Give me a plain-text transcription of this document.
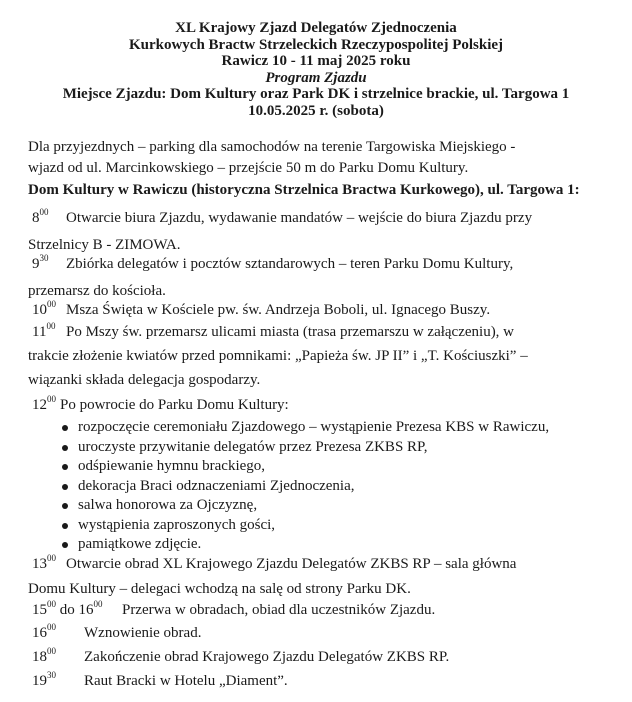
XL Krajowy Zjazd Delegatów Zjednoczenia
Kurkowych Bractw Strzeleckich Rzeczypospolitej Polskiej
Rawicz 10 - 11 maj 2025 roku
Program Zjazdu
Miejsce Zjazdu: Dom Kultury oraz Park DK i strzelnice brackie, ul. Targowa 1
10.05.2025 r. (sobota)
Dla przyjezdnych – parking dla samochodów na terenie Targowiska Miejskiego -
wjazd od ul. Marcinkowskiego – przejście 50 m do Parku Domu Kultury.
Dom Kultury w Rawiczu (historyczna Strzelnica Bractwa Kurkowego), ul. Targowa 1:
$8^{00}$ Otwarcie biura Zjazdu, wydawanie mandatów – wejście do biura Zjazdu przy
Strzelnicy B - ZIMOWA.
$9^{30}$ Zbiórka delegatów i pocztów sztandarowych – teren Parku Domu Kultury,
przemarsz do kościoła.
$10^{00}$ Msza Święta w Kościele pw. św. Andrzeja Boboli, ul. Ignacego Buszy.
$11^{00}$ Po Mszy św. przemarsz ulicami miasta (trasa przemarszu w załączeniu), w
trakcie złożenie kwiatów przed pomnikami: „Papieża św. JP II” i „T. Kościuszki” –
wiązanki składa delegacja gospodarzy.
$12^{00}$ Po powrocie do Parku Domu Kultury:
rozpoczęcie ceremoniału Zjazdowego – wystąpienie Prezesa KBS w Rawiczu,
uroczyste przywitanie delegatów przez Prezesa ZKBS RP,
odśpiewanie hymnu brackiego,
dekoracja Braci odznaczeniami Zjednoczenia,
salwa honorowa za Ojczyznę,
wystąpienia zaproszonych gości,
pamiątkowe zdjęcie.
$13^{00}$ Otwarcie obrad XL Krajowego Zjazdu Delegatów ZKBS RP – sala główna
Domu Kultury – delegaci wchodzą na salę od strony Parku DK.
$15^{00}$ do $16^{00}$ Przerwa w obradach, obiad dla uczestników Zjazdu.
$16^{00}$ Wznowienie obrad.
$18^{00}$ Zakończenie obrad Krajowego Zjazdu Delegatów ZKBS RP.
$19^{30}$ Raut Bracki w Hotelu „Diament”.
